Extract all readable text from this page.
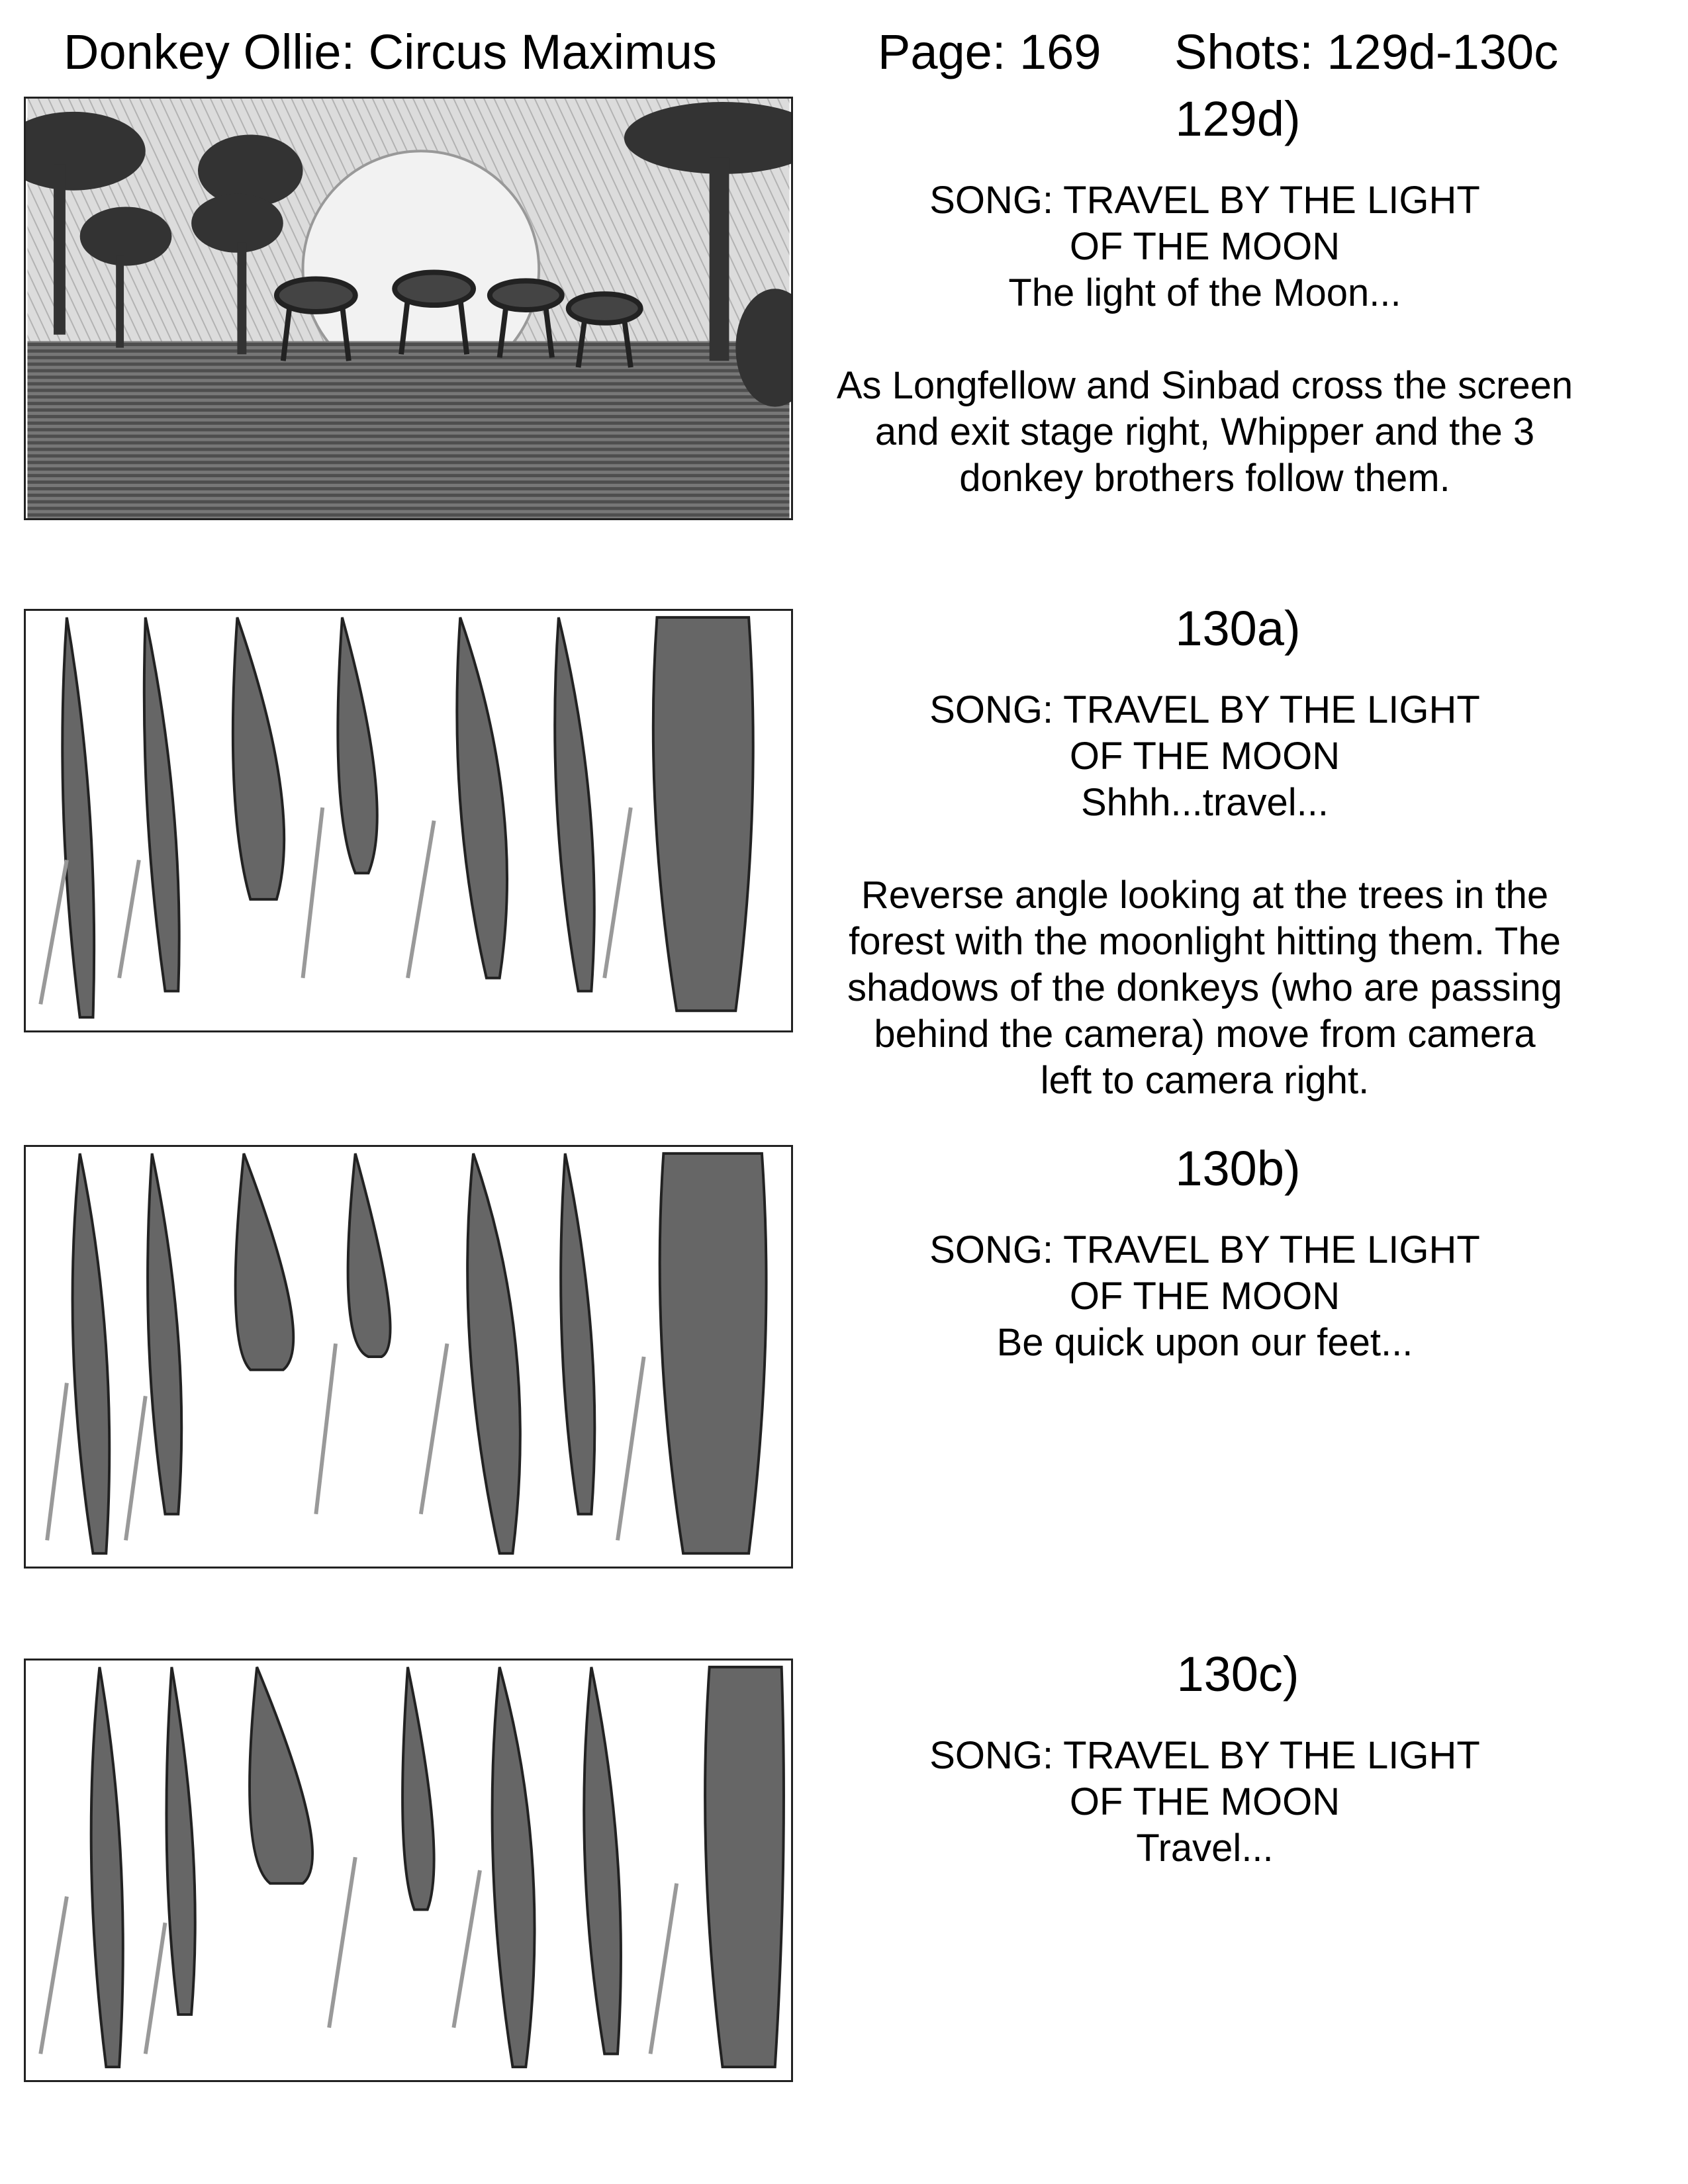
Donkey Ollie: Circus Maximus	Page: 169 Shots: 129d-130c
129d)
SONG: TRAVEL BY THE LIGHT
OF THE MOON
The light of the Moon...
As Longfellow and Sinbad cross the screen
and exit stage right, Whipper and the 3
donkey brothers follow them.
130a)
SONG: TRAVEL BY THE LIGHT
OF THE MOON
Shhh...travel...
Reverse angle looking at the trees in the
forest with the moonlight hitting them. The
shadows of the donkeys (who are passing
behind the camera) move from camera
left to camera right.
130b)
SONG: TRAVEL BY THE LIGHT
OF THE MOON
Be quick upon our feet...
130c)
SONG: TRAVEL BY THE LIGHT
OF THE MOON
Travel...
